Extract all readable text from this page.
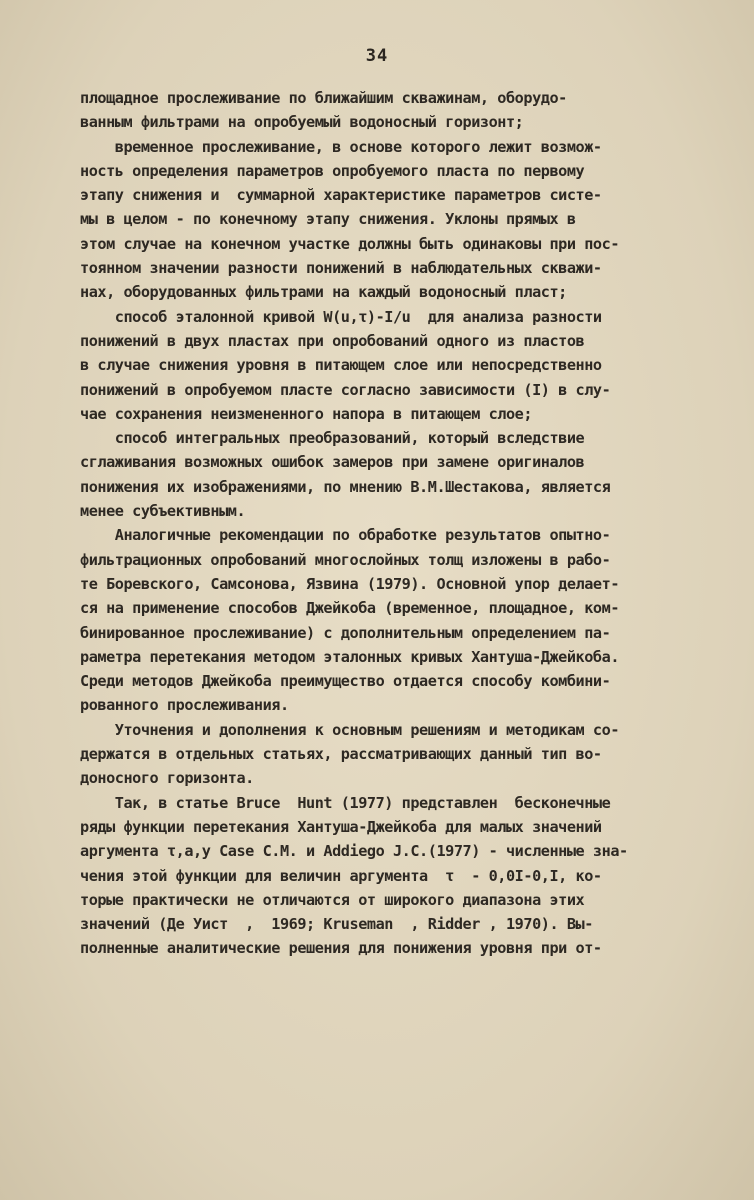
34
площадное прослеживание по ближайшим скважинам, оборудо-
ванным фильтрами на опробуемый водоносный горизонт;
временное прослеживание, в основе которого лежит возмож-
ность определения параметров опробуемого пласта по первому
этапу снижения и  суммарной характеристике параметров систе-
мы в целом - по конечному этапу снижения. Уклоны прямых в
этом случае на конечном участке должны быть одинаковы при пос-
тоянном значении разности понижений в наблюдательных скважи-
нах, оборудованных фильтрами на каждый водоносный пласт;
способ эталонной кривой W(u,τ)-I/u  для анализа разности
понижений в двух пластах при опробований одного из пластов
в случае снижения уровня в питающем слое или непосредственно
понижений в опробуемом пласте согласно зависимости (I) в слу-
чае сохранения неизмененного напора в питающем слое;
способ интегральных преобразований, который вследствие
сглаживания возможных ошибок замеров при замене оригиналов
понижения их изображениями, по мнению В.М.Шестакова, является
менее субъективным.
Аналогичные рекомендации по обработке результатов опытно-
фильтрационных опробований многослойных толщ изложены в рабо-
те Боревского, Самсонова, Язвина (1979). Основной упор делает-
ся на применение способов Джейкоба (временное, площадное, ком-
бинированное прослеживание) с дополнительным определением па-
раметра перетекания методом эталонных кривых Хантуша-Джейкоба.
Среди методов Джейкоба преимущество отдается способу комбини-
рованного прослеживания.
Уточнения и дополнения к основным решениям и методикам со-
держатся в отдельных статьях, рассматривающих данный тип во-
доносного горизонта.
Так, в статье Bruce  Hunt (1977) представлен  бесконечные
ряды функции перетекания Хантуша-Джейкоба для малых значений
аргумента τ,а,у Case C.M. и Addiego J.C.(1977) - численные зна-
чения этой функции для величин аргумента  τ  - 0,0I-0,I, ко-
торые практически не отличаются от широкого диапазона этих
значений (Де Уист  ,  1969; Kruseman  , Ridder , 1970). Вы-
полненные аналитические решения для понижения уровня при от-
